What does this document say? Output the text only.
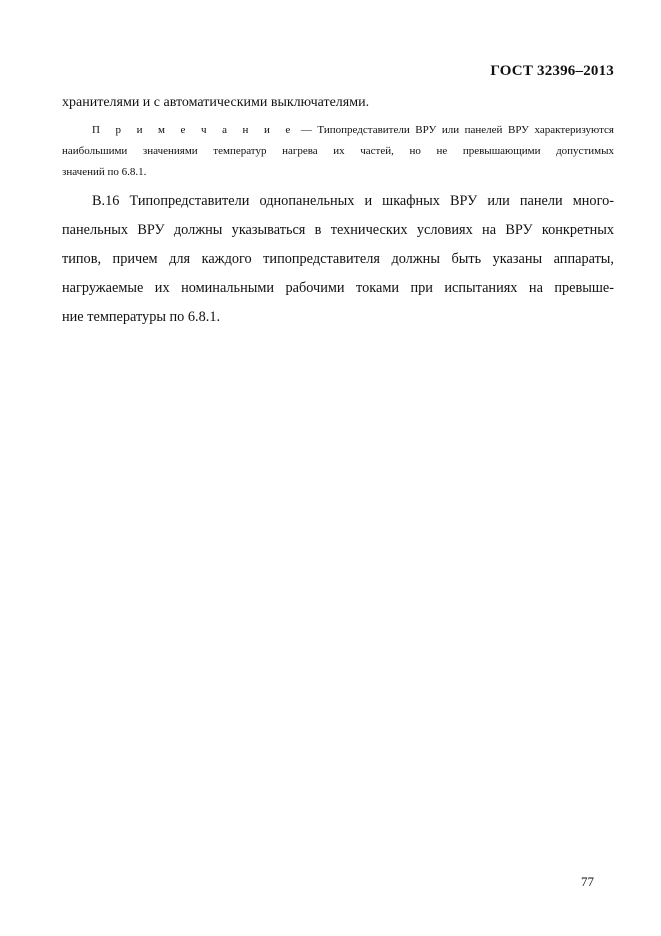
ГОСТ 32396–2013
хранителями и с автоматическими выключателями.
П р и м е ч а н и е — Типопредставители ВРУ или панелей ВРУ характеризуются
наибольшими значениями температур нагрева их частей, но не превышающими допустимых
значений по 6.8.1.
В.16 Типопредставители однопанельных и шкафных ВРУ или панели много-
панельных ВРУ должны указываться в технических условиях на ВРУ конкретных
типов, причем для каждого типопредставителя должны быть указаны аппараты,
нагружаемые их номинальными рабочими токами при испытаниях на превыше-
ние температуры по 6.8.1.
77
